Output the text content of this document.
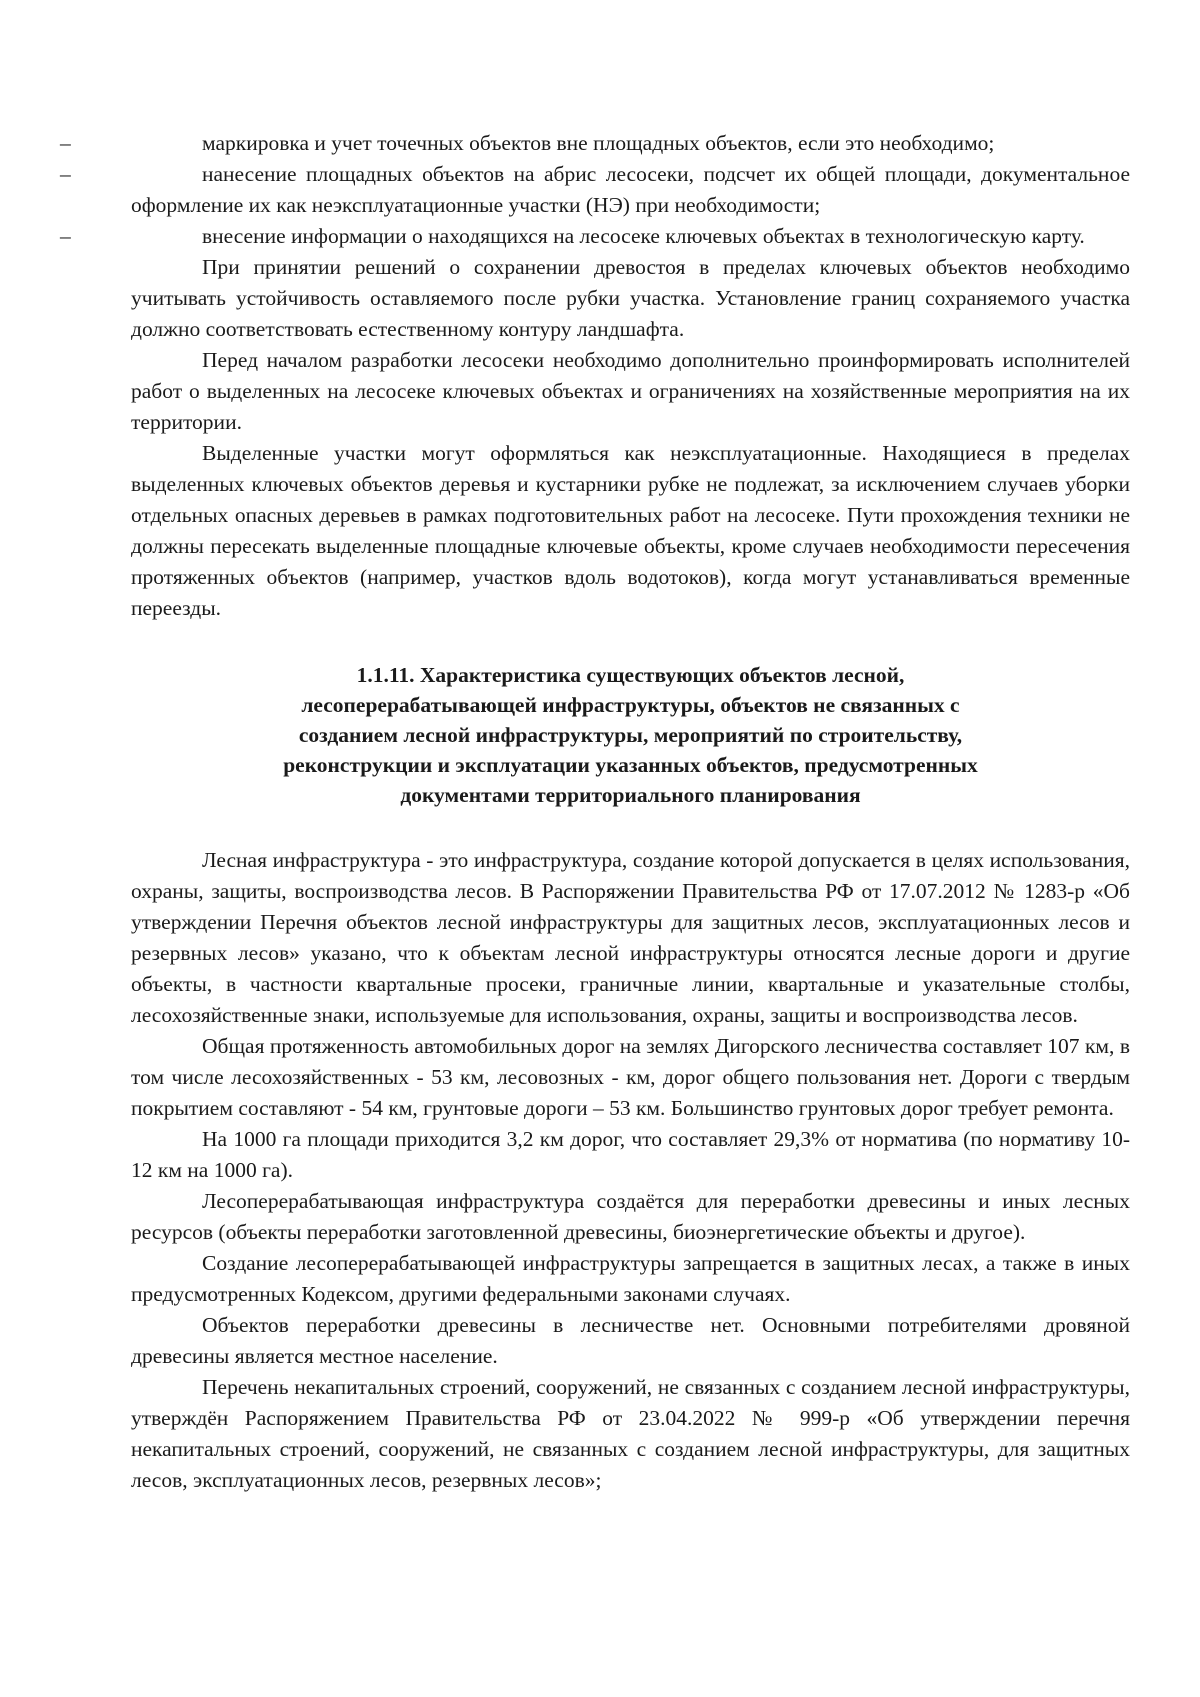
–	маркировка и учет точечных объектов вне площадных объектов, если это необходимо;

–	нанесение площадных объектов на абрис лесосеки, подсчет их общей площади, документальное оформление их как неэксплуатационные участки (НЭ) при необходимости;

–	внесение информации о находящихся на лесосеке ключевых объектах в технологическую карту.

При принятии решений о сохранении древостоя в пределах ключевых объектов необходимо учитывать устойчивость оставляемого после рубки участка. Установление границ сохраняемого участка должно соответствовать естественному контуру ландшафта.

Перед началом разработки лесосеки необходимо дополнительно проинформировать исполнителей работ о выделенных на лесосеке ключевых объектах и ограничениях на хозяйственные мероприятия на их территории.

Выделенные участки могут оформляться как неэксплуатационные. Находящиеся в пределах выделенных ключевых объектов деревья и кустарники рубке не подлежат, за исключением случаев уборки отдельных опасных деревьев в рамках подготовительных работ на лесосеке. Пути прохождения техники не должны пересекать выделенные площадные ключевые объекты, кроме случаев необходимости пересечения протяженных объектов (например, участков вдоль водотоков), когда могут устанавливаться временные переезды.

1.1.11. Характеристика существующих объектов лесной,
лесоперерабатывающей инфраструктуры, объектов не связанных с
созданием лесной инфраструктуры, мероприятий по строительству,
реконструкции и эксплуатации указанных объектов, предусмотренных
документами территориального планирования

Лесная инфраструктура - это инфраструктура, создание которой допускается в целях использования, охраны, защиты, воспроизводства лесов. В Распоряжении Правительства РФ от 17.07.2012 № 1283-р «Об утверждении Перечня объектов лесной инфраструктуры для защитных лесов, эксплуатационных лесов и резервных лесов» указано, что к объектам лесной инфраструктуры относятся лесные дороги и другие объекты, в частности квартальные просеки, граничные линии, квартальные и указательные столбы, лесохозяйственные знаки, используемые для использования, охраны, защиты и воспроизводства лесов.

Общая протяженность автомобильных дорог на землях Дигорского лесничества составляет 107 км, в том числе лесохозяйственных - 53 км, лесовозных - км, дорог общего пользования нет. Дороги с твердым покрытием составляют - 54 км, грунтовые дороги – 53 км. Большинство грунтовых дорог требует ремонта.

На 1000 га площади приходится 3,2 км дорог, что составляет 29,3% от норматива (по нормативу 10-12 км на 1000 га).

Лесоперерабатывающая инфраструктура создаётся для переработки древесины и иных лесных ресурсов (объекты переработки заготовленной древесины, биоэнергетические объекты и другое).

Создание лесоперерабатывающей инфраструктуры запрещается в защитных лесах, а также в иных предусмотренных Кодексом, другими федеральными законами случаях.

Объектов переработки древесины в лесничестве нет. Основными потребителями дровяной древесины является местное население.

Перечень некапитальных строений, сооружений, не связанных с созданием лесной инфраструктуры, утверждён Распоряжением Правительства РФ от 23.04.2022 № 999-р «Об утверждении перечня некапитальных строений, сооружений, не связанных с созданием лесной инфраструктуры, для защитных лесов, эксплуатационных лесов, резервных лесов»;
